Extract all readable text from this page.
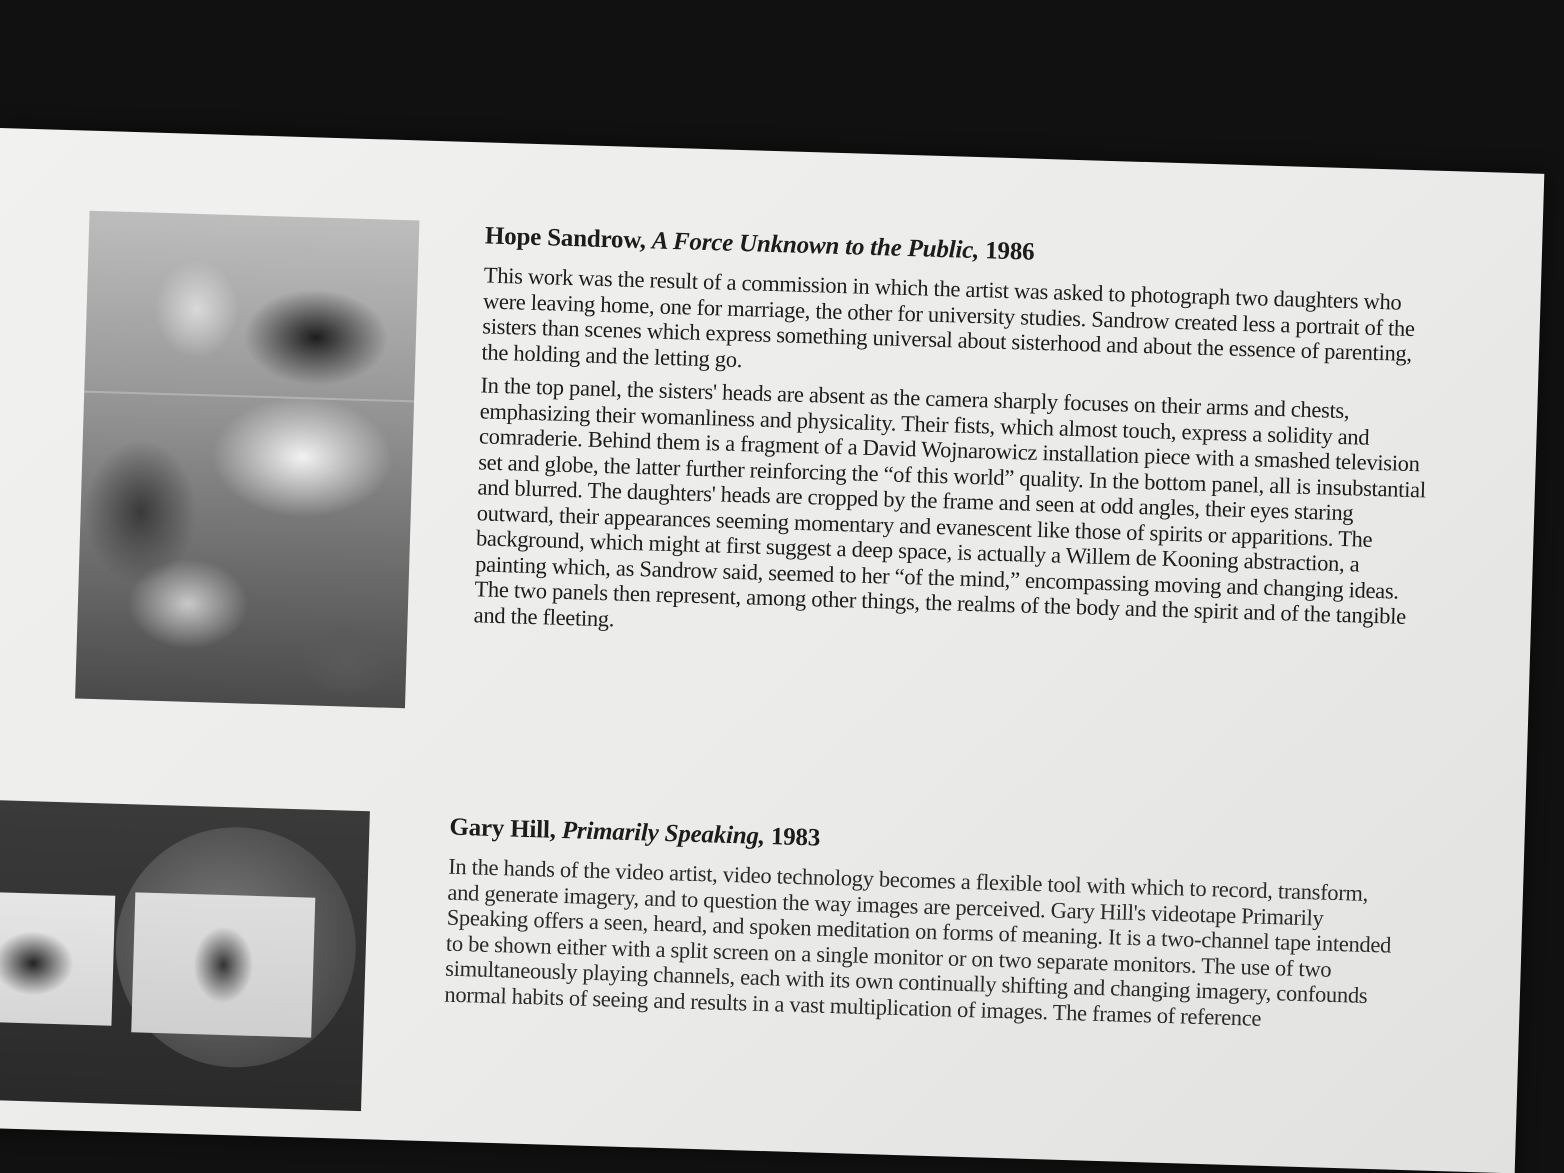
Hope Sandrow, A Force Unknown to the Public, 1986

This work was the result of a commission in which the artist was asked to photograph two daughters who were leaving home, one for marriage, the other for university studies. Sandrow created less a portrait of the sisters than scenes which express something universal about sisterhood and about the essence of parenting, the holding and the letting go.

In the top panel, the sisters' heads are absent as the camera sharply focuses on their arms and chests, emphasizing their womanliness and physicality. Their fists, which almost touch, express a solidity and comraderie. Behind them is a fragment of a David Wojnarowicz installation piece with a smashed television set and globe, the latter further reinforcing the “of this world” quality. In the bottom panel, all is insubstantial and blurred. The daughters' heads are cropped by the frame and seen at odd angles, their eyes staring outward, their appearances seeming momentary and evanescent like those of spirits or apparitions. The background, which might at first suggest a deep space, is actually a Willem de Kooning abstraction, a painting which, as Sandrow said, seemed to her “of the mind,” encompassing moving and changing ideas. The two panels then represent, among other things, the realms of the body and the spirit and of the tangible and the fleeting.

Gary Hill, Primarily Speaking, 1983

In the hands of the video artist, video technology becomes a flexible tool with which to record, transform, and generate imagery, and to question the way images are perceived. Gary Hill's videotape Primarily Speaking offers a seen, heard, and spoken meditation on forms of meaning. It is a two-channel tape intended to be shown either with a split screen on a single monitor or on two separate monitors. The use of two simultaneously playing channels, each with its own continually shifting and changing imagery, confounds normal habits of seeing and results in a vast multiplication of images. The frames of reference
